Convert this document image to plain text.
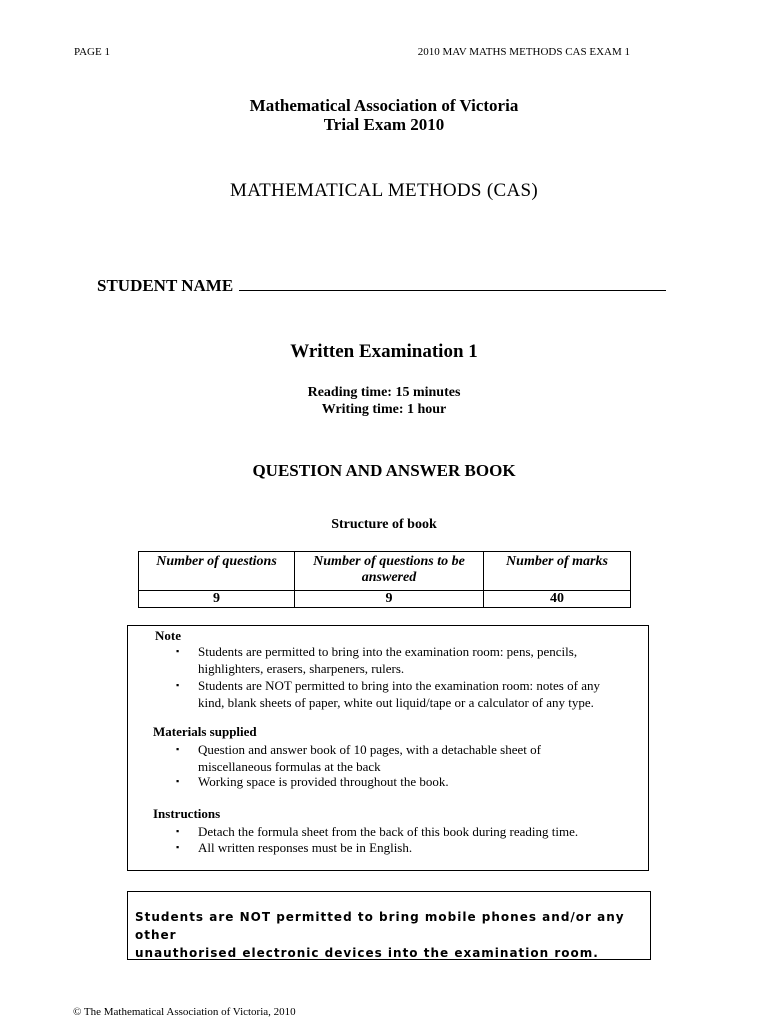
PAGE 1	2010 MAV MATHS METHODS CAS EXAM 1
Mathematical Association of Victoria
Trial Exam 2010
MATHEMATICAL METHODS (CAS)
STUDENT NAME
Written Examination 1
Reading time: 15 minutes
Writing time: 1 hour
QUESTION AND ANSWER BOOK
Structure of book
Number of questions	Number of questions to be answered	Number of marks
9	9	40
Note
▪	Students are permitted to bring into the examination room: pens, pencils, highlighters, erasers, sharpeners, rulers.
▪	Students are NOT permitted to bring into the examination room: notes of any kind, blank sheets of paper, white out liquid/tape or a calculator of any type.
Materials supplied
▪	Question and answer book of 10 pages, with a detachable sheet of miscellaneous formulas at the back
▪	Working space is provided throughout the book.
Instructions
▪	Detach the formula sheet from the back of this book during reading time.
▪	All written responses must be in English.
Students are NOT permitted to bring mobile phones and/or any other
unauthorised electronic devices into the examination room.
© The Mathematical Association of Victoria, 2010
